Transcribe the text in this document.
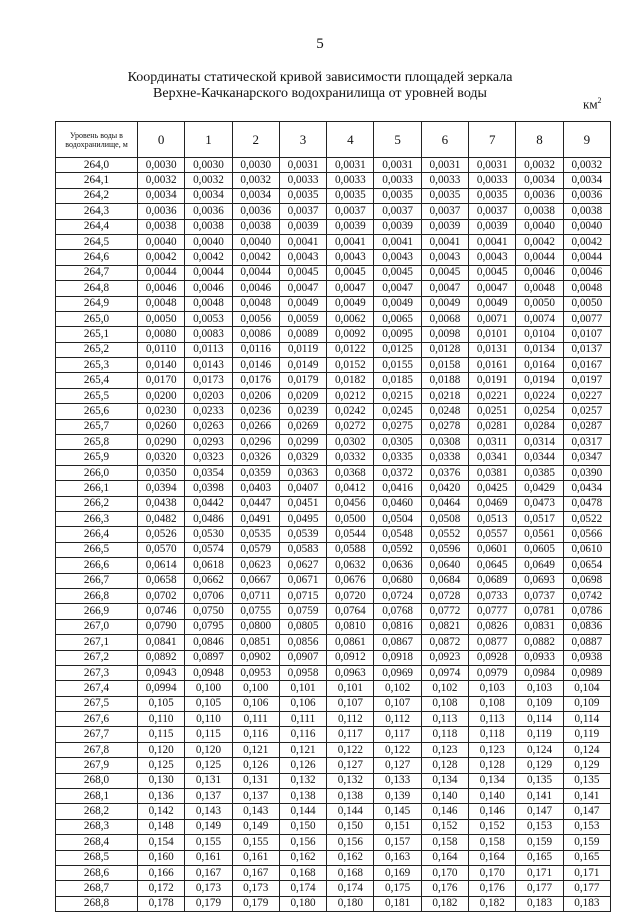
5
Координаты статической кривой зависимости площадей зеркала
Верхне-Качканарского водохранилища от уровней воды
$км^2$
Уровень воды в водохранилище, м	0	1	2	3	4	5	6	7	8	9
264,0	0,0030	0,0030	0,0030	0,0031	0,0031	0,0031	0,0031	0,0031	0,0032	0,0032
264,1	0,0032	0,0032	0,0032	0,0033	0,0033	0,0033	0,0033	0,0033	0,0034	0,0034
264,2	0,0034	0,0034	0,0034	0,0035	0,0035	0,0035	0,0035	0,0035	0,0036	0,0036
264,3	0,0036	0,0036	0,0036	0,0037	0,0037	0,0037	0,0037	0,0037	0,0038	0,0038
264,4	0,0038	0,0038	0,0038	0,0039	0,0039	0,0039	0,0039	0,0039	0,0040	0,0040
264,5	0,0040	0,0040	0,0040	0,0041	0,0041	0,0041	0,0041	0,0041	0,0042	0,0042
264,6	0,0042	0,0042	0,0042	0,0043	0,0043	0,0043	0,0043	0,0043	0,0044	0,0044
264,7	0,0044	0,0044	0,0044	0,0045	0,0045	0,0045	0,0045	0,0045	0,0046	0,0046
264,8	0,0046	0,0046	0,0046	0,0047	0,0047	0,0047	0,0047	0,0047	0,0048	0,0048
264,9	0,0048	0,0048	0,0048	0,0049	0,0049	0,0049	0,0049	0,0049	0,0050	0,0050
265,0	0,0050	0,0053	0,0056	0,0059	0,0062	0,0065	0,0068	0,0071	0,0074	0,0077
265,1	0,0080	0,0083	0,0086	0,0089	0,0092	0,0095	0,0098	0,0101	0,0104	0,0107
265,2	0,0110	0,0113	0,0116	0,0119	0,0122	0,0125	0,0128	0,0131	0,0134	0,0137
265,3	0,0140	0,0143	0,0146	0,0149	0,0152	0,0155	0,0158	0,0161	0,0164	0,0167
265,4	0,0170	0,0173	0,0176	0,0179	0,0182	0,0185	0,0188	0,0191	0,0194	0,0197
265,5	0,0200	0,0203	0,0206	0,0209	0,0212	0,0215	0,0218	0,0221	0,0224	0,0227
265,6	0,0230	0,0233	0,0236	0,0239	0,0242	0,0245	0,0248	0,0251	0,0254	0,0257
265,7	0,0260	0,0263	0,0266	0,0269	0,0272	0,0275	0,0278	0,0281	0,0284	0,0287
265,8	0,0290	0,0293	0,0296	0,0299	0,0302	0,0305	0,0308	0,0311	0,0314	0,0317
265,9	0,0320	0,0323	0,0326	0,0329	0,0332	0,0335	0,0338	0,0341	0,0344	0,0347
266,0	0,0350	0,0354	0,0359	0,0363	0,0368	0,0372	0,0376	0,0381	0,0385	0,0390
266,1	0,0394	0,0398	0,0403	0,0407	0,0412	0,0416	0,0420	0,0425	0,0429	0,0434
266,2	0,0438	0,0442	0,0447	0,0451	0,0456	0,0460	0,0464	0,0469	0,0473	0,0478
266,3	0,0482	0,0486	0,0491	0,0495	0,0500	0,0504	0,0508	0,0513	0,0517	0,0522
266,4	0,0526	0,0530	0,0535	0,0539	0,0544	0,0548	0,0552	0,0557	0,0561	0,0566
266,5	0,0570	0,0574	0,0579	0,0583	0,0588	0,0592	0,0596	0,0601	0,0605	0,0610
266,6	0,0614	0,0618	0,0623	0,0627	0,0632	0,0636	0,0640	0,0645	0,0649	0,0654
266,7	0,0658	0,0662	0,0667	0,0671	0,0676	0,0680	0,0684	0,0689	0,0693	0,0698
266,8	0,0702	0,0706	0,0711	0,0715	0,0720	0,0724	0,0728	0,0733	0,0737	0,0742
266,9	0,0746	0,0750	0,0755	0,0759	0,0764	0,0768	0,0772	0,0777	0,0781	0,0786
267,0	0,0790	0,0795	0,0800	0,0805	0,0810	0,0816	0,0821	0,0826	0,0831	0,0836
267,1	0,0841	0,0846	0,0851	0,0856	0,0861	0,0867	0,0872	0,0877	0,0882	0,0887
267,2	0,0892	0,0897	0,0902	0,0907	0,0912	0,0918	0,0923	0,0928	0,0933	0,0938
267,3	0,0943	0,0948	0,0953	0,0958	0,0963	0,0969	0,0974	0,0979	0,0984	0,0989
267,4	0,0994	0,100	0,100	0,101	0,101	0,102	0,102	0,103	0,103	0,104
267,5	0,105	0,105	0,106	0,106	0,107	0,107	0,108	0,108	0,109	0,109
267,6	0,110	0,110	0,111	0,111	0,112	0,112	0,113	0,113	0,114	0,114
267,7	0,115	0,115	0,116	0,116	0,117	0,117	0,118	0,118	0,119	0,119
267,8	0,120	0,120	0,121	0,121	0,122	0,122	0,123	0,123	0,124	0,124
267,9	0,125	0,125	0,126	0,126	0,127	0,127	0,128	0,128	0,129	0,129
268,0	0,130	0,131	0,131	0,132	0,132	0,133	0,134	0,134	0,135	0,135
268,1	0,136	0,137	0,137	0,138	0,138	0,139	0,140	0,140	0,141	0,141
268,2	0,142	0,143	0,143	0,144	0,144	0,145	0,146	0,146	0,147	0,147
268,3	0,148	0,149	0,149	0,150	0,150	0,151	0,152	0,152	0,153	0,153
268,4	0,154	0,155	0,155	0,156	0,156	0,157	0,158	0,158	0,159	0,159
268,5	0,160	0,161	0,161	0,162	0,162	0,163	0,164	0,164	0,165	0,165
268,6	0,166	0,167	0,167	0,168	0,168	0,169	0,170	0,170	0,171	0,171
268,7	0,172	0,173	0,173	0,174	0,174	0,175	0,176	0,176	0,177	0,177
268,8	0,178	0,179	0,179	0,180	0,180	0,181	0,182	0,182	0,183	0,183
